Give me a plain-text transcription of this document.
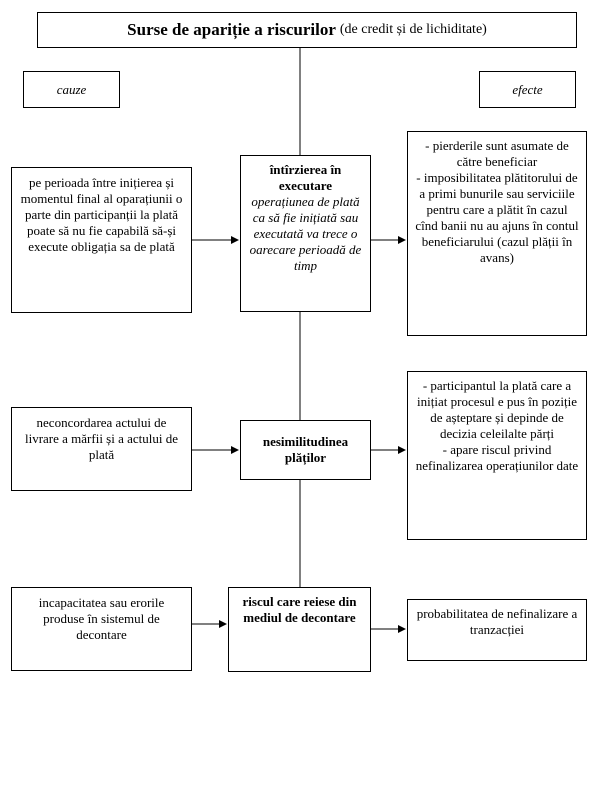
Surse de apariție a riscurilor (de credit și de lichiditate)
cauze	efecte
pe perioada între inițierea și momentul final al oparațiunii o parte din participanții la plată poate să nu fie capabilă să-și execute obligația sa de plată
întîrzierea în executare
operațiunea de plată ca să fie inițiată sau executată va trece o oarecare perioadă de timp
- pierderile sunt asumate de către beneficiar
- imposibilitatea plătitorului de a primi bunurile sau serviciile pentru care a plătit în cazul cînd banii nu au ajuns în contul beneficiarului (cazul plății în avans)
neconcordarea actului de livrare a mărfii și a actului de plată
nesimilitudinea plăților
- participantul la plată care a inițiat procesul e pus în poziție de așteptare și depinde de decizia celeilalte părți
- apare riscul privind nefinalizarea operațiunilor date
incapacitatea sau erorile produse în sistemul de decontare
riscul care reiese din mediul de decontare	probabilitatea de nefinalizare a tranzacției
